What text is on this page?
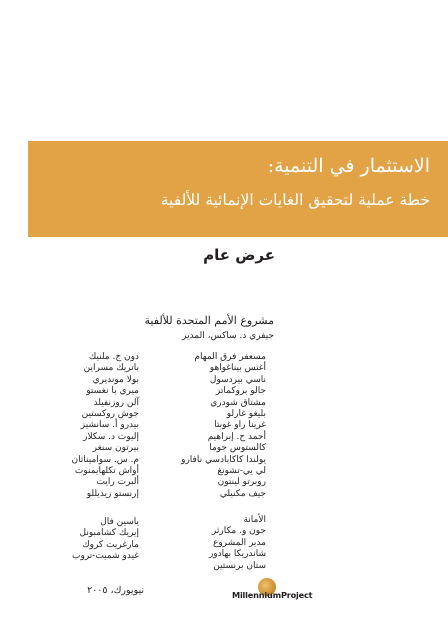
الاستثمار في التنمية:
خطة عملية لتحقيق الغايات الإنمائية للألفية
عرض عام
مشروع الأمم المتحدة للألفية
جيفري د. ساكس، المدير
مسعفر فرق المهام
أغنس بيناغواهو
ناسي بيردسول
جالو بروكماتز
مشتاق شودري
بليغو غارلو
غرينا راو غوبتا
أحمد ح. إبراهيم
كالستوس جوما
يولندا كاكابادسي نافارو
لي يي-تشونغ
روبرتو لينتون
جيف مكنيلي
دون ج. ملنيك
باتريك مسراين
بولا مونديري
ميري با نغستو
آلن روزنفيلد
جوش روكستين
بيدرو أ. سانشيز
إليوت د. سكلار
بيرتون سنغر
م. س. سواميناثان
أواش تكلهايمنوت
ألبرت رايت
إرنستو زيديللو
الأمانة
جون و. مكارثر
مدير المشروع
شاندريكا بهادور
ستان برنستين
ياسين فال
إيريك كشامبونل
مارغريت كروك
غيدو شميت-تروب
نيويورك، ٢٠٠٥	MillenniumProject
